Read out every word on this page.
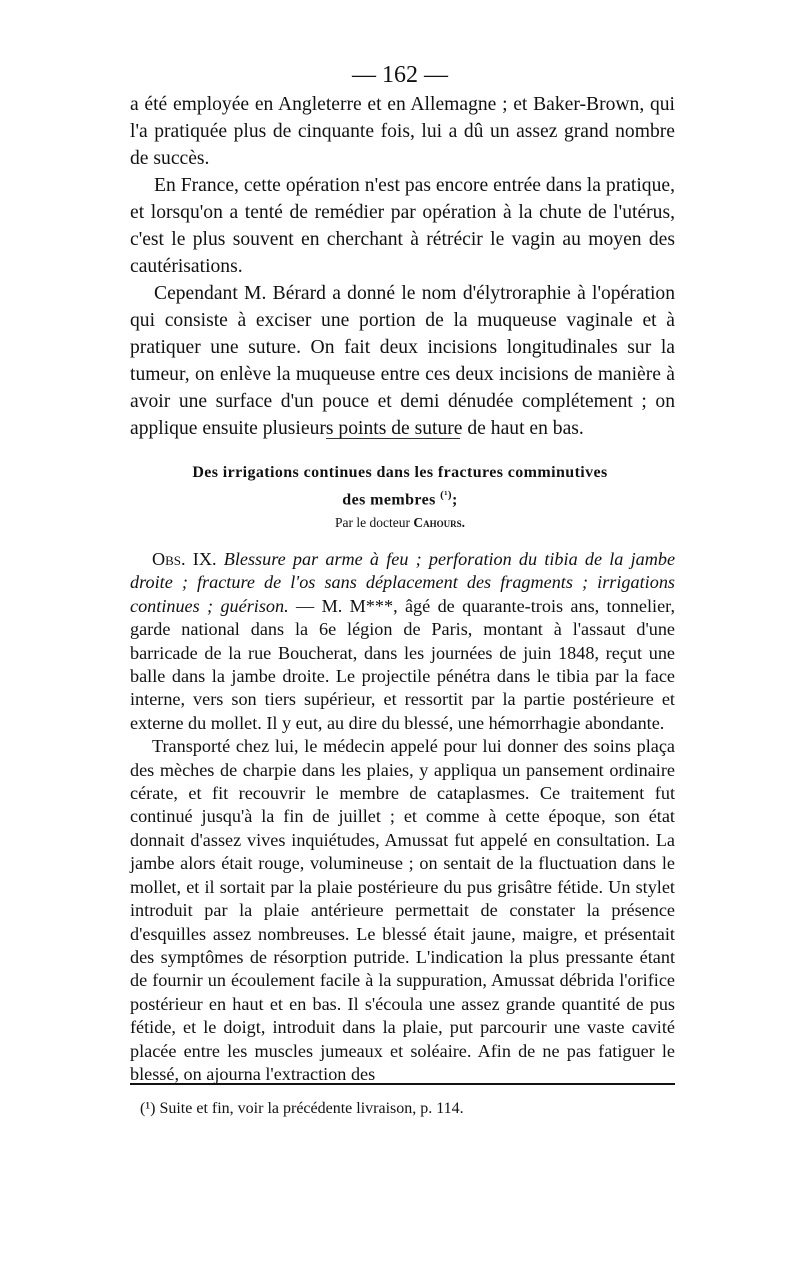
— 162 —

a été employée en Angleterre et en Allemagne ; et Baker-Brown, qui l'a pratiquée plus de cinquante fois, lui a dû un assez grand nombre de succès.

En France, cette opération n'est pas encore entrée dans la pratique, et lorsqu'on a tenté de remédier par opération à la chute de l'utérus, c'est le plus souvent en cherchant à rétrécir le vagin au moyen des cautérisations.

Cependant M. Bérard a donné le nom d'élytroraphie à l'opération qui consiste à exciser une portion de la muqueuse vaginale et à pratiquer une suture. On fait deux incisions longitudinales sur la tumeur, on enlève la muqueuse entre ces deux incisions de manière à avoir une surface d'un pouce et demi dénudée complétement ; on applique ensuite plusieurs points de suture de haut en bas.

Des irrigations continues dans les fractures comminutives
des membres $^{(^1)}$;
Par le docteur Cahours.

Obs. IX. Blessure par arme à feu ; perforation du tibia de la jambe droite ; fracture de l'os sans déplacement des fragments ; irrigations continues ; guérison. — M. M***, âgé de quarante-trois ans, tonnelier, garde national dans la 6e légion de Paris, montant à l'assaut d'une barricade de la rue Boucherat, dans les journées de juin 1848, reçut une balle dans la jambe droite. Le projectile pénétra dans le tibia par la face interne, vers son tiers supérieur, et ressortit par la partie postérieure et externe du mollet. Il y eut, au dire du blessé, une hémorrhagie abondante.

Transporté chez lui, le médecin appelé pour lui donner des soins plaça des mèches de charpie dans les plaies, y appliqua un pansement ordinaire cérate, et fit recouvrir le membre de cataplasmes. Ce traitement fut continué jusqu'à la fin de juillet ; et comme à cette époque, son état donnait d'assez vives inquiétudes, Amussat fut appelé en consultation. La jambe alors était rouge, volumineuse ; on sentait de la fluctuation dans le mollet, et il sortait par la plaie postérieure du pus grisâtre fétide. Un stylet introduit par la plaie antérieure permettait de constater la présence d'esquilles assez nombreuses. Le blessé était jaune, maigre, et présentait des symptômes de résorption putride. L'indication la plus pressante étant de fournir un écoulement facile à la suppuration, Amussat débrida l'orifice postérieur en haut et en bas. Il s'écoula une assez grande quantité de pus fétide, et le doigt, introduit dans la plaie, put parcourir une vaste cavité placée entre les muscles jumeaux et soléaire. Afin de ne pas fatiguer le blessé, on ajourna l'extraction des

(¹) Suite et fin, voir la précédente livraison, p. 114.
